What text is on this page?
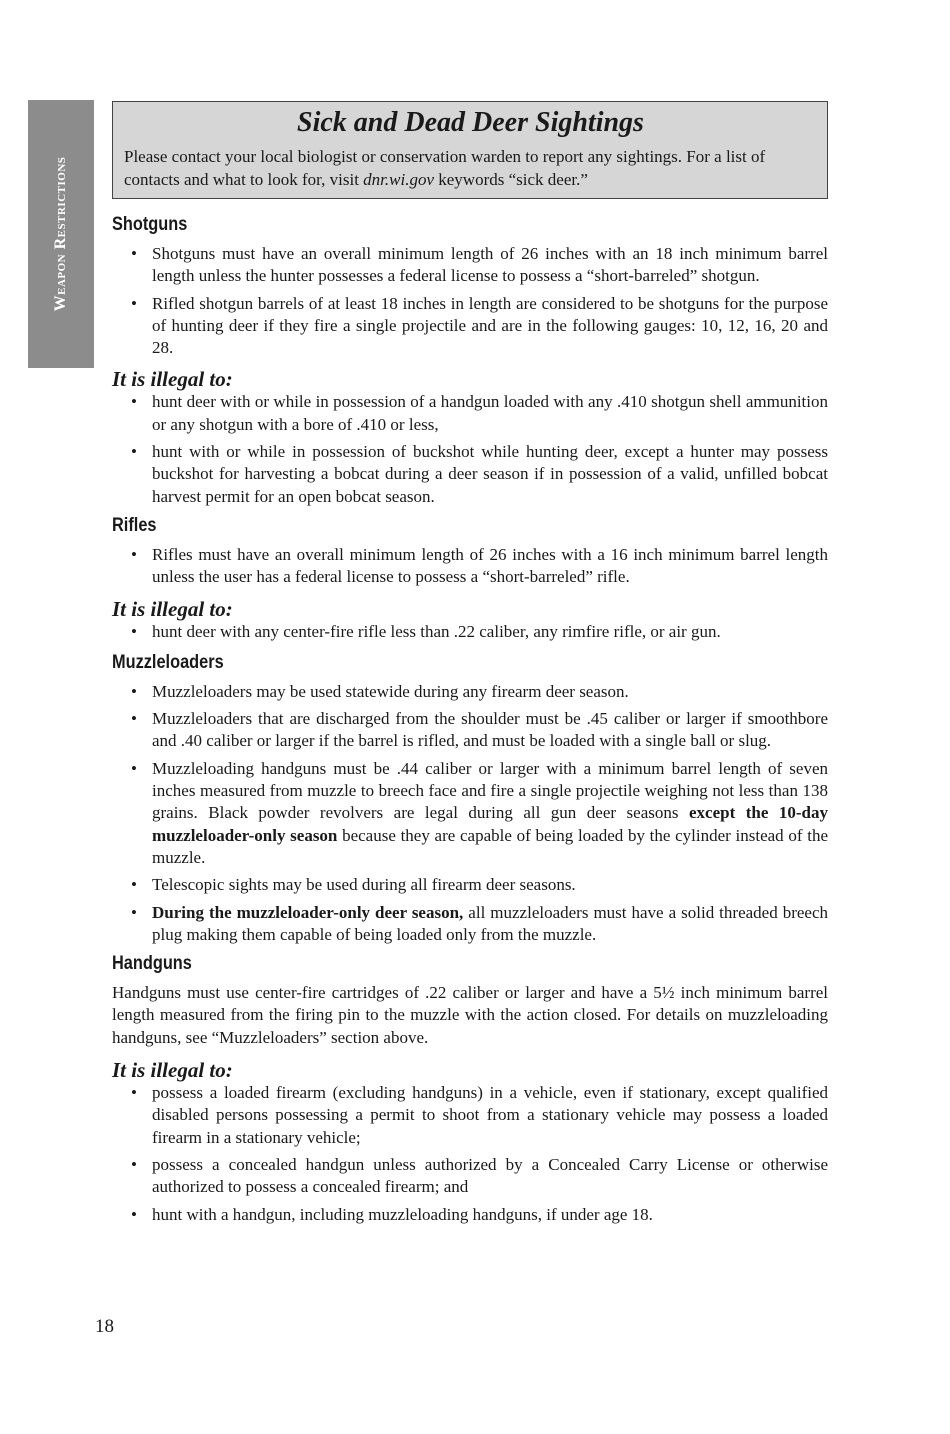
Weapon Restrictions
Sick and Dead Deer Sightings
Please contact your local biologist or conservation warden to report any sightings. For a list of contacts and what to look for, visit dnr.wi.gov keywords “sick deer.”
Shotguns
• Shotguns must have an overall minimum length of 26 inches with an 18 inch minimum barrel length unless the hunter possesses a federal license to possess a “short-barreled” shotgun.
• Rifled shotgun barrels of at least 18 inches in length are considered to be shotguns for the purpose of hunting deer if they fire a single projectile and are in the following gauges: 10, 12, 16, 20 and 28.
It is illegal to:
• hunt deer with or while in possession of a handgun loaded with any .410 shotgun shell ammunition or any shotgun with a bore of .410 or less,
• hunt with or while in possession of buckshot while hunting deer, except a hunter may possess buckshot for harvesting a bobcat during a deer season if in possession of a valid, unfilled bobcat harvest permit for an open bobcat season.
Rifles
• Rifles must have an overall minimum length of 26 inches with a 16 inch minimum barrel length unless the user has a federal license to possess a “short-barreled” rifle.
It is illegal to:
• hunt deer with any center-fire rifle less than .22 caliber, any rimfire rifle, or air gun.
Muzzleloaders
• Muzzleloaders may be used statewide during any firearm deer season.
• Muzzleloaders that are discharged from the shoulder must be .45 caliber or larger if smoothbore and .40 caliber or larger if the barrel is rifled, and must be loaded with a single ball or slug.
• Muzzleloading handguns must be .44 caliber or larger with a minimum barrel length of seven inches measured from muzzle to breech face and fire a single projectile weighing not less than 138 grains. Black powder revolvers are legal during all gun deer seasons except the 10-day muzzleloader-only season because they are capable of being loaded by the cylinder instead of the muzzle.
• Telescopic sights may be used during all firearm deer seasons.
• During the muzzleloader-only deer season, all muzzleloaders must have a solid threaded breech plug making them capable of being loaded only from the muzzle.
Handguns

Handguns must use center-fire cartridges of .22 caliber or larger and have a 5½ inch minimum barrel length measured from the firing pin to the muzzle with the action closed. For details on muzzleloading handguns, see “Muzzleloaders” section above.

It is illegal to:
• possess a loaded firearm (excluding handguns) in a vehicle, even if stationary, except qualified disabled persons possessing a permit to shoot from a stationary vehicle may possess a loaded firearm in a stationary vehicle;
• possess a concealed handgun unless authorized by a Concealed Carry License or otherwise authorized to possess a concealed firearm; and
• hunt with a handgun, including muzzleloading handguns, if under age 18.
18
